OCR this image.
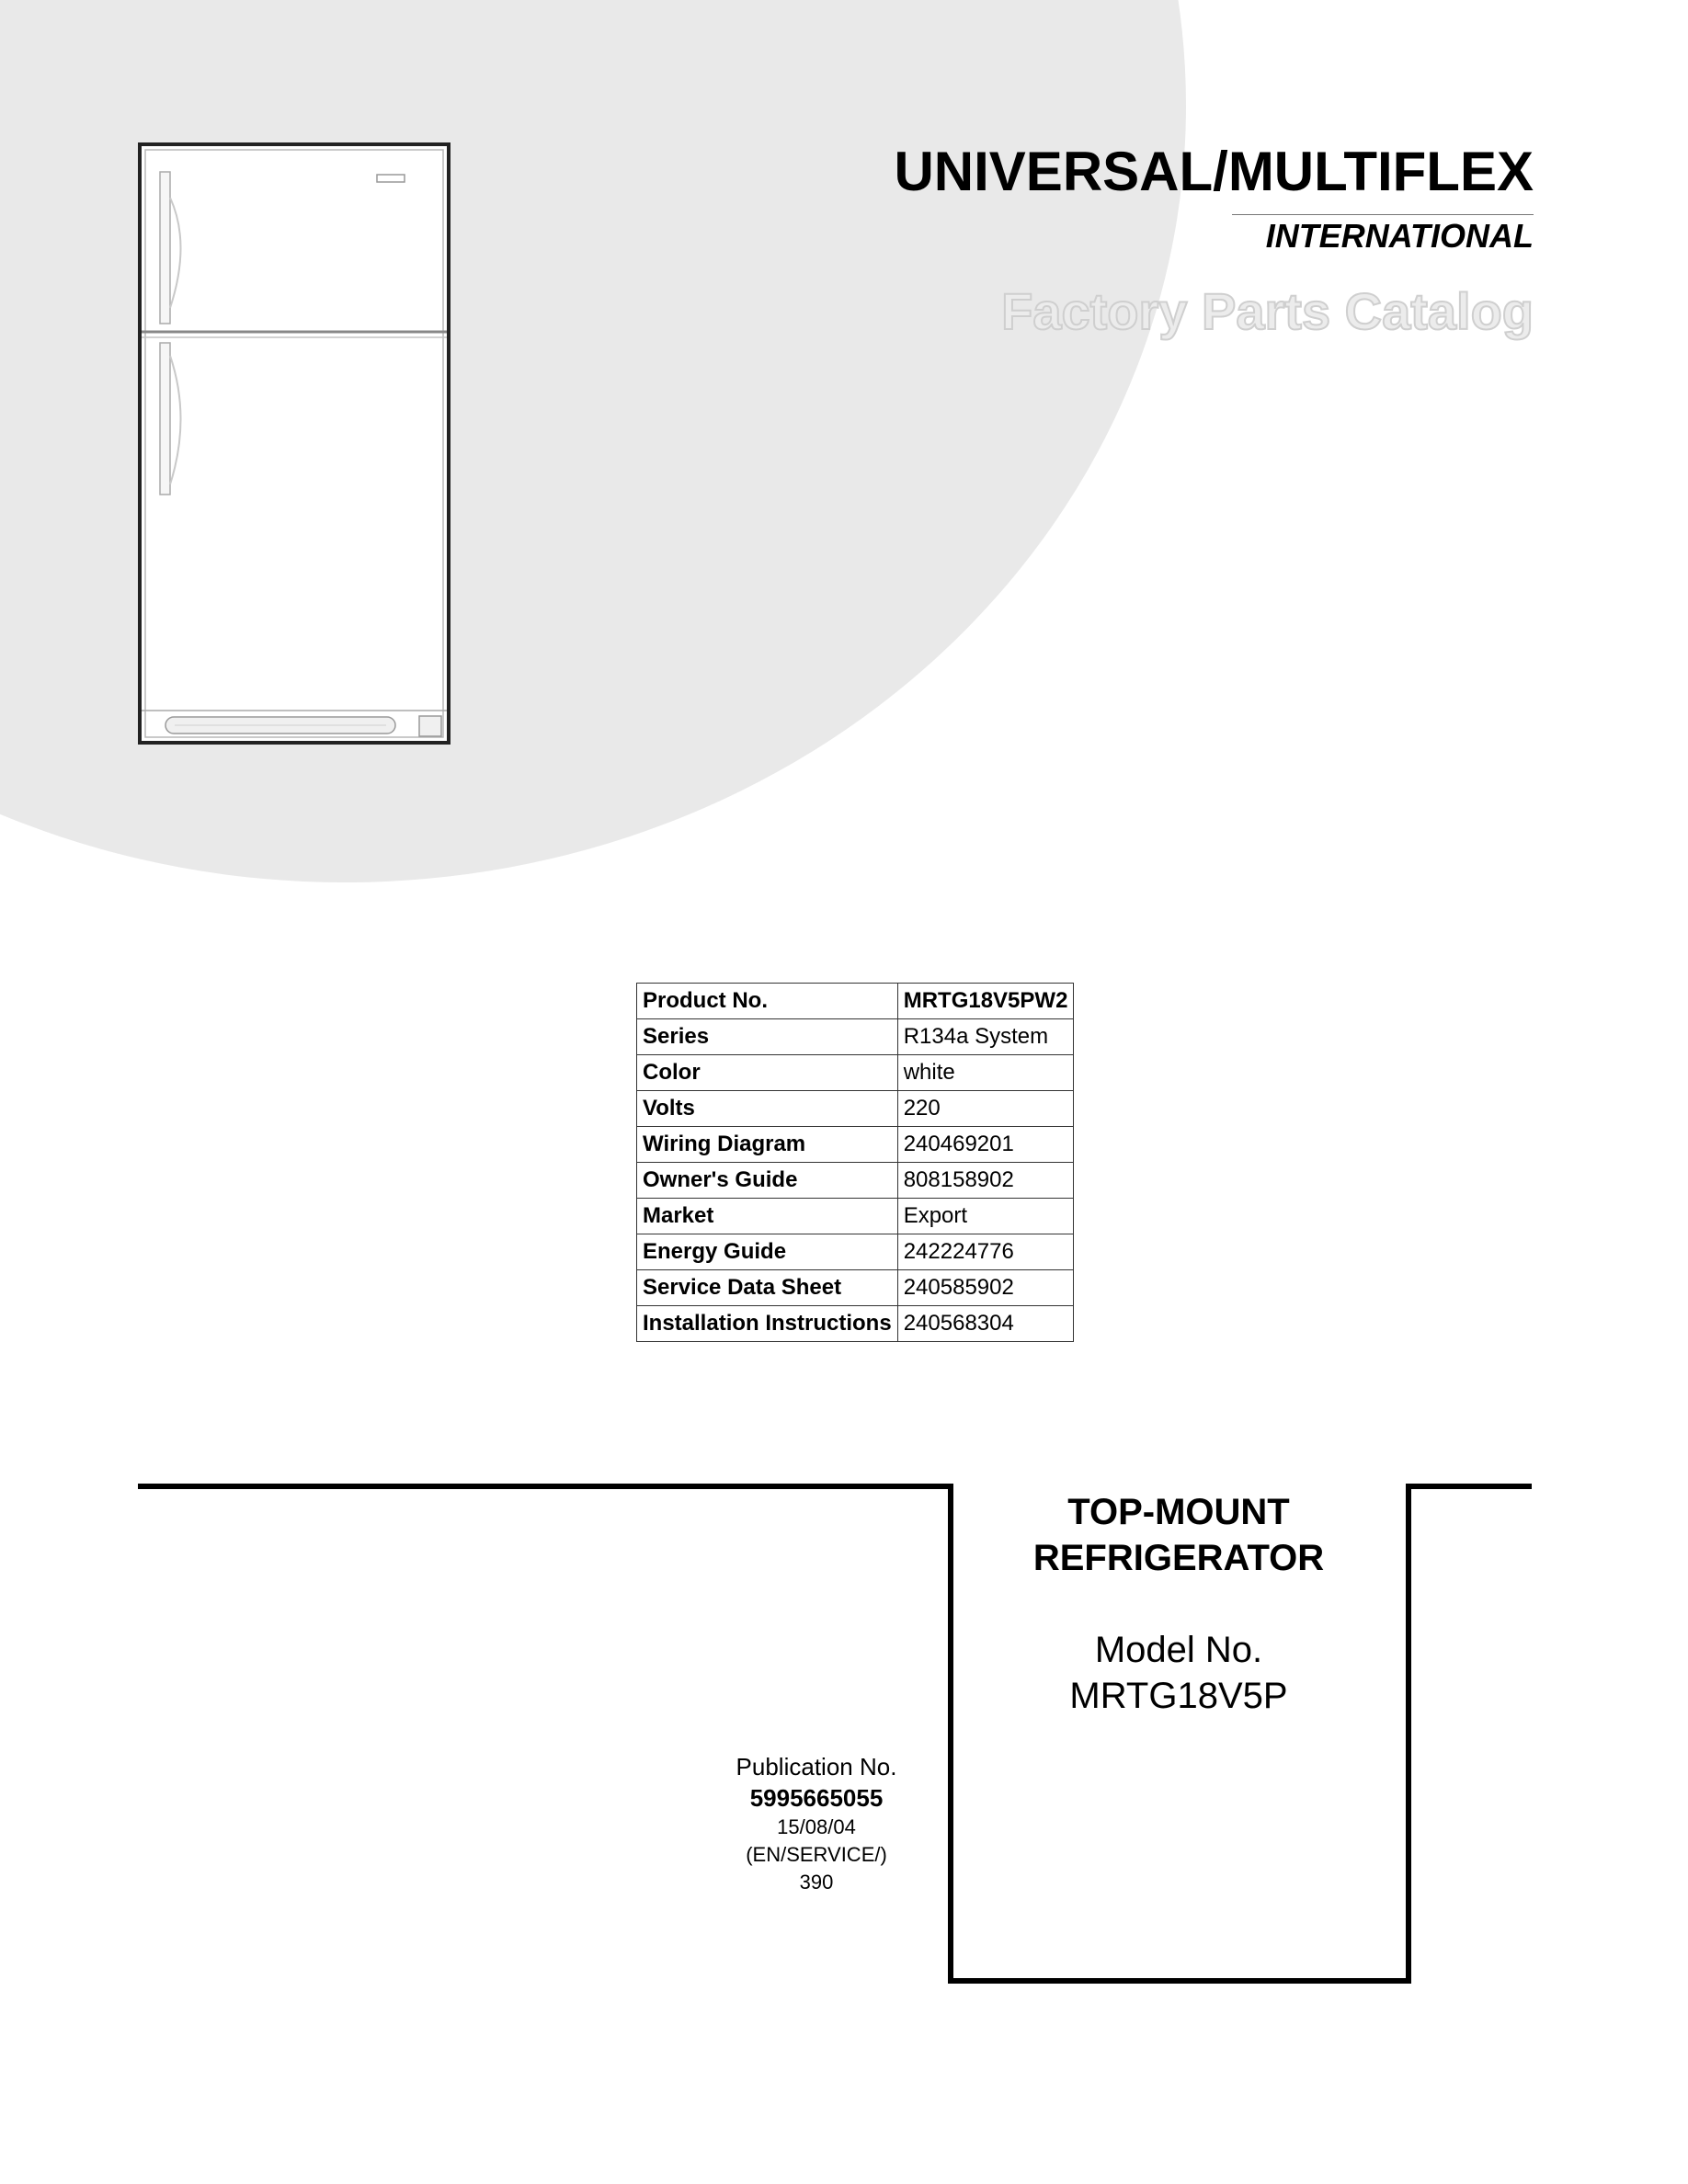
UNIVERSAL/MULTIFLEX
INTERNATIONAL
Factory Parts Catalog
Product No.	MRTG18V5PW2
Series	R134a System
Color	white
Volts	220
Wiring Diagram	240469201
Owner's Guide	808158902
Market	Export
Energy Guide	242224776
Service Data Sheet	240585902
Installation Instructions	240568304
TOP-MOUNT
REFRIGERATOR
Model No.
MRTG18V5P
Publication No.
5995665055
15/08/04
(EN/SERVICE/)
390
